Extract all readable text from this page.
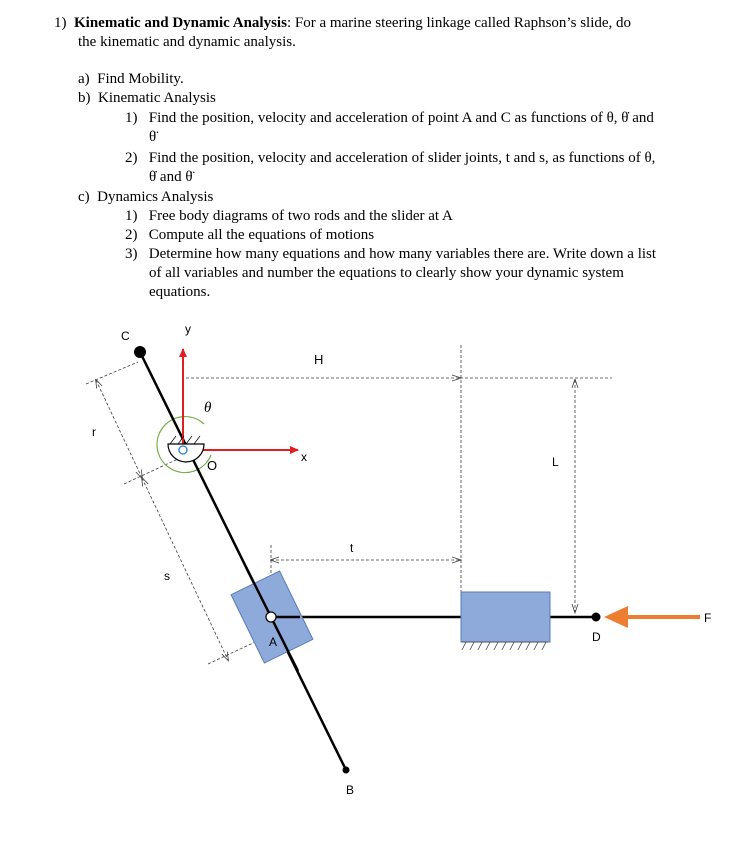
1) Kinematic and Dynamic Analysis: For a marine steering linkage called Raphson’s slide, do
the kinematic and dynamic analysis.
a) Find Mobility.
b) Kinematic Analysis
1) Find the position, velocity and acceleration of point A and C as functions of θ, θ̇ and
θ̈
2) Find the position, velocity and acceleration of slider joints, t and s, as functions of θ,
θ̇ and θ̈
c) Dynamics Analysis
1) Free body diagrams of two rods and the slider at A
2) Compute all the equations of motions
3) Determine how many equations and how many variables there are. Write down a list
of all variables and number the equations to clearly show your dynamic system
equations.
C	y
H
θ
r
O
x	L
t
s
A	D
F
B
